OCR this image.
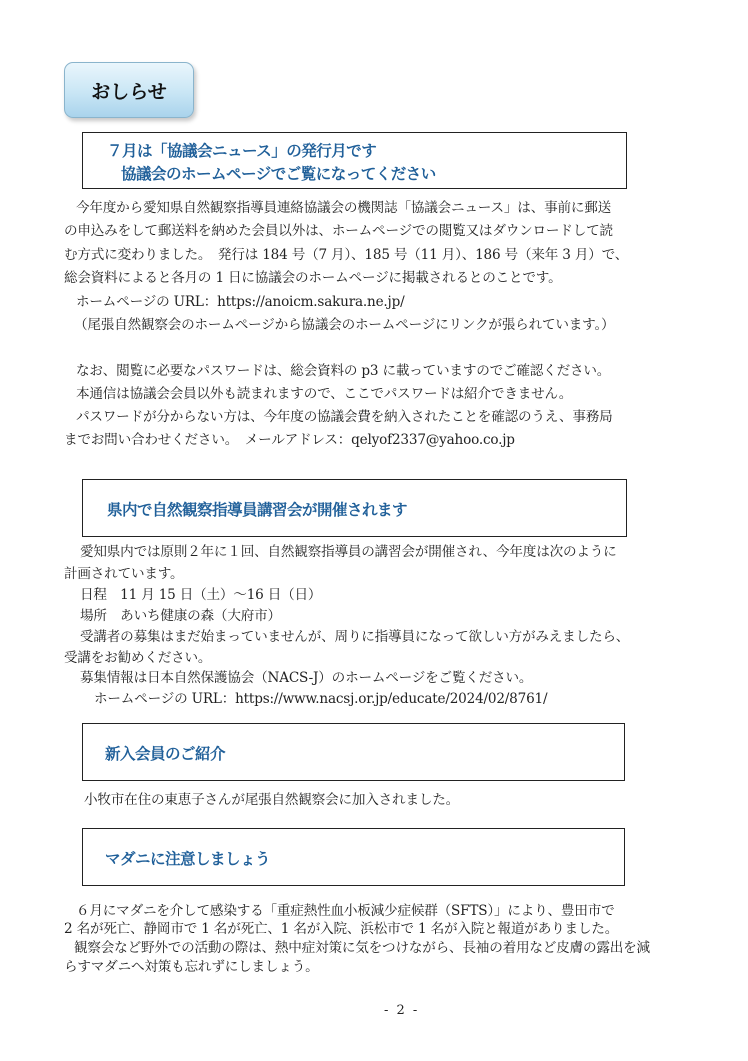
おしらせ
７月は「協議会ニュース」の発行月です
協議会のホームページでご覧になってください
今年度から愛知県自然観察指導員連絡協議会の機関誌「協議会ニュース」は、事前に郵送
の申込みをして郵送料を納めた会員以外は、ホームページでの閲覧又はダウンロードして読
む方式に変わりました。　発行は 184 号（7 月）、185 号（11 月）、186 号（来年 3 月）で、
総会資料によると各月の 1 日に協議会のホームページに掲載されるとのことです。
ホームページの URL：https://anoicm.sakura.ne.jp/
（尾張自然観察会のホームページから協議会のホームページにリンクが張られています。）
なお、閲覧に必要なパスワードは、総会資料の p3 に載っていますのでご確認ください。
本通信は協議会会員以外も読まれますので、ここでパスワードは紹介できません。
パスワードが分からない方は、今年度の協議会費を納入されたことを確認のうえ、事務局
までお問い合わせください。　メールアドレス：qelyof2337@yahoo.co.jp
県内で自然観察指導員講習会が開催されます
愛知県内では原則２年に１回、自然観察指導員の講習会が開催され、今年度は次のように
計画されています。
日程　11 月 15 日（土）～16 日（日）
場所　あいち健康の森（大府市）
受講者の募集はまだ始まっていませんが、周りに指導員になって欲しい方がみえましたら、
受講をお勧めください。
募集情報は日本自然保護協会（NACS-J）のホームページをご覧ください。
ホームページの URL：https://www.nacsj.or.jp/educate/2024/02/8761/
新入会員のご紹介
小牧市在住の東恵子さんが尾張自然観察会に加入されました。
マダニに注意しましょう
６月にマダニを介して感染する「重症熱性血小板減少症候群（SFTS）」により、豊田市で
2 名が死亡、静岡市で 1 名が死亡、1 名が入院、浜松市で 1 名が入院と報道がありました。
観察会など野外での活動の際は、熱中症対策に気をつけながら、長袖の着用など皮膚の露出を減
らすマダニへ対策も忘れずにしましょう。
- 2 -
